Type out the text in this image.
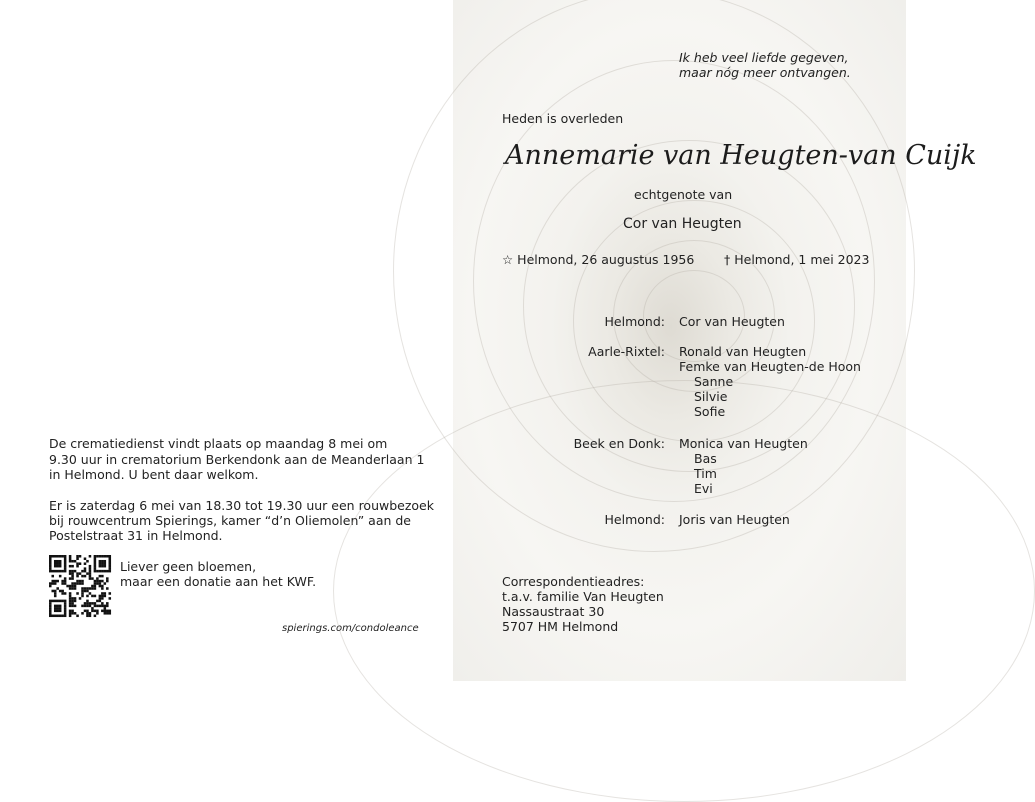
De crematiedienst vindt plaats op maandag 8 mei om
9.30 uur in crematorium Berkendonk aan de Meanderlaan 1
in Helmond. U bent daar welkom.
Er is zaterdag 6 mei van 18.30 tot 19.30 uur een rouwbezoek
bij rouwcentrum Spierings, kamer “d’n Oliemolen” aan de
Postelstraat 31 in Helmond.
Liever geen bloemen,
maar een donatie aan het KWF.
spierings.com/condoleance
Ik heb veel liefde gegeven,
maar nóg meer ontvangen.
Heden is overleden
Annemarie van Heugten-van Cuijk
echtgenote van
Cor van Heugten
☆ Helmond, 26 augustus 1956 † Helmond, 1 mei 2023
Helmond: Cor van Heugten
Aarle-Rixtel: Ronald van Heugten
Femke van Heugten-de Hoon
Sanne
Silvie
Sofie
Beek en Donk: Monica van Heugten
Bas
Tim
Evi
Helmond: Joris van Heugten
Correspondentieadres:
t.a.v. familie Van Heugten
Nassaustraat 30
5707 HM Helmond
